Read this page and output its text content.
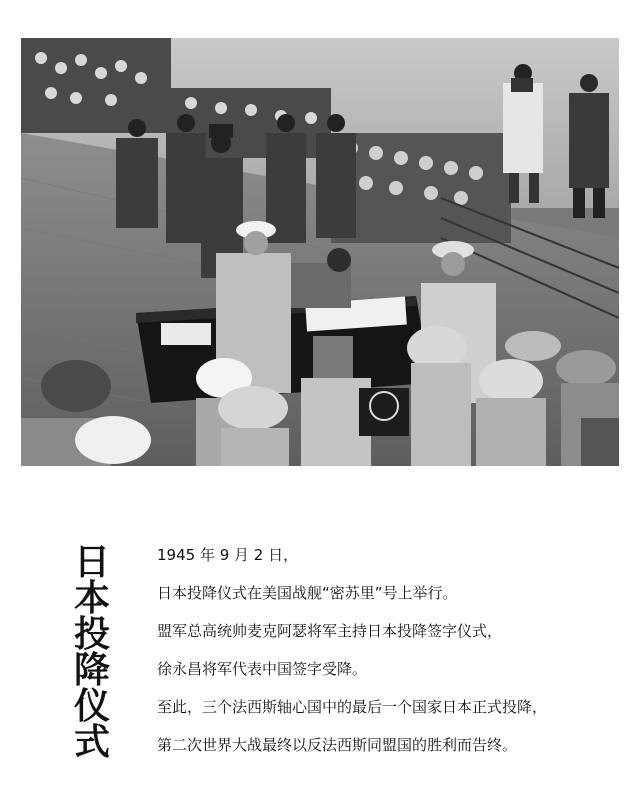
日
本
投
降
仪
式

1945 年 9 月 2 日，

日本投降仪式在美国战舰“密苏里”号上举行。

盟军总高统帅麦克阿瑟将军主持日本投降签字仪式，

徐永昌将军代表中国签字受降。

至此，三个法西斯轴心国中的最后一个国家日本正式投降，

第二次世界大战最终以反法西斯同盟国的胜利而告终。
